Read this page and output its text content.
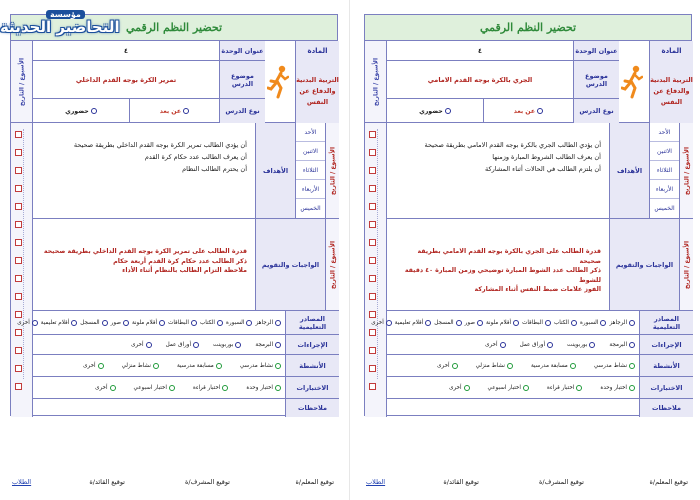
تحضير النظم الرقمي
الأسبوع / التاريخ
المادة
التربية البدنية والدفاع عن النفس
عنوان الوحدة
٤
موضوع الدرس
الجري بالكرة بوجه القدم الامامي
نوع الدرس
عن بعد

حضوري

الأسبوع / التاريخ
الأحد
الاثنين
الثلاثاء
الأربعاء
الخميس
الأهداف

أن يؤدي الطالب الجري بالكرة بوجه القدم الامامي بطريقة صحيحة

أن يعرف الطالب الشروط المبارة وزمنها

أن يلتزم الطالب في الحالات أثناء المشاركة

الأسبوع / التاريخ
الواجبات والتقويم

قدرة الطالب على الجري بالكرة بوجه القدم الامامي بطريقة صحيحة

ذكر الطالب عدد الشوط المبارة توضيحي وزمن المبارة ٤٠ دقيقة للشوط

الفوز علامات ضبط النفس أثناء المشاركة

المصادر التعليمية
الرجاهز
السبورة
الكتاب
البطاقات
أقلام ملونة
صور
المسجل
أقلام تعليمية
أخرى
الإجراءات
البرمجة
بوربوينت
أوراق عمل
أخرى
الأنشطة
نشاط مدرسي
مسابقة مدرسية
نشاط منزلي
أخرى
الاختبارات
اختبار وحدة
اختبار قراءة
اختبار اسبوعي
أخرى
ملاحظات
توقيع المعلم/ة
توقيع المشرف/ة
توقيع القائد/ة
الطلاب
تحضير النظم الرقمي
الأسبوع / التاريخ
المادة
التربية البدنية والدفاع عن النفس
عنوان الوحدة
٤
موضوع الدرس
تمرير الكرة بوجه القدم الداخلي
نوع الدرس
عن بعد

حضوري

الأسبوع / التاريخ
الأحد
الاثنين
الثلاثاء
الأربعاء
الخميس
الأهداف

أن يؤدي الطالب تمرير الكرة بوجه القدم الداخلي بطريقة صحيحة

أن يعرف الطالب عدد حكام كرة القدم

أن يحترم الطالب النظام

الأسبوع / التاريخ
الواجبات والتقويم

قدرة الطالب على تمرير الكرة بوجه القدم الداخلي بطريقة صحيحة

ذكر الطالب عدد حكام كرة القدم أربعة حكام

ملاحظة التزام الطالب بالنظام أثناء الأداء

المصادر التعليمية
الرجاهز
السبورة
الكتاب
البطاقات
أقلام ملونة
صور
المسجل
أقلام تعليمية
أخرى
الإجراءات
البرمجة
بوربوينت
أوراق عمل
أخرى
الأنشطة
نشاط مدرسي
مسابقة مدرسية
نشاط منزلي
أخرى
الاختبارات
اختبار وحدة
اختبار قراءة
اختبار اسبوعي
أخرى
ملاحظات
توقيع المعلم/ة
توقيع المشرف/ة
توقيع القائد/ة
الطلاب
مؤسسة
التحاضير الحديثة
